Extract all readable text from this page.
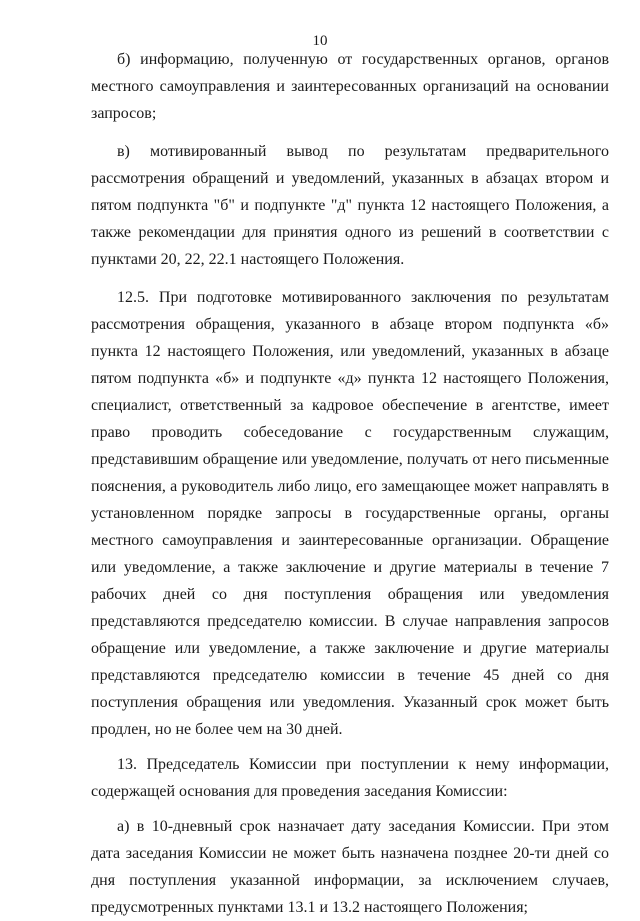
10

б) информацию, полученную от государственных органов, органов местного самоуправления и заинтересованных организаций на основании запросов;

в) мотивированный вывод по результатам предварительного рассмотрения обращений и уведомлений, указанных в абзацах втором и пятом подпункта "б" и подпункте "д" пункта 12 настоящего Положения, а также рекомендации для принятия одного из решений в соответствии с пунктами 20, 22, 22.1 настоящего Положения.

12.5. При подготовке мотивированного заключения по результатам рассмотрения обращения, указанного в абзаце втором подпункта «б» пункта 12 настоящего Положения, или уведомлений, указанных в абзаце пятом подпункта «б» и подпункте «д» пункта 12 настоящего Положения, специалист, ответственный за кадровое обеспечение в агентстве, имеет право проводить собеседование с государственным служащим, представившим обращение или уведомление, получать от него письменные пояснения, а руководитель либо лицо, его замещающее может направлять в установленном порядке запросы в государственные органы, органы местного самоуправления и заинтересованные организации. Обращение или уведомление, а также заключение и другие материалы в течение 7 рабочих дней со дня поступления обращения или уведомления представляются председателю комиссии. В случае направления запросов обращение или уведомление, а также заключение и другие материалы представляются председателю комиссии в течение 45 дней со дня поступления обращения или уведомления. Указанный срок может быть продлен, но не более чем на 30 дней.

13. Председатель Комиссии при поступлении к нему информации, содержащей основания для проведения заседания Комиссии:

а) в 10-дневный срок назначает дату заседания Комиссии. При этом дата заседания Комиссии не может быть назначена позднее 20-ти дней со дня поступления указанной информации, за исключением случаев, предусмотренных пунктами 13.1 и 13.2 настоящего Положения;
